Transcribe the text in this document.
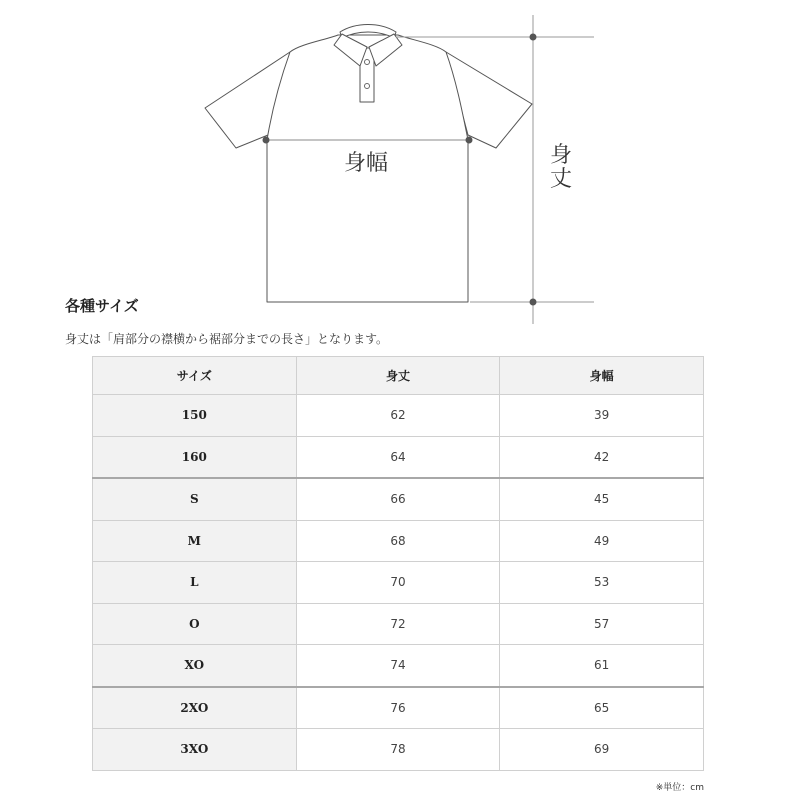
身幅	身丈
各種サイズ
身丈は「肩部分の襟横から裾部分までの長さ」となります。
サイズ	身丈	身幅
150	62	39
160	64	42
S	66	45
M	68	49
L	70	53
O	72	57
XO	74	61
2XO	76	65
3XO	78	69
※単位：cm
